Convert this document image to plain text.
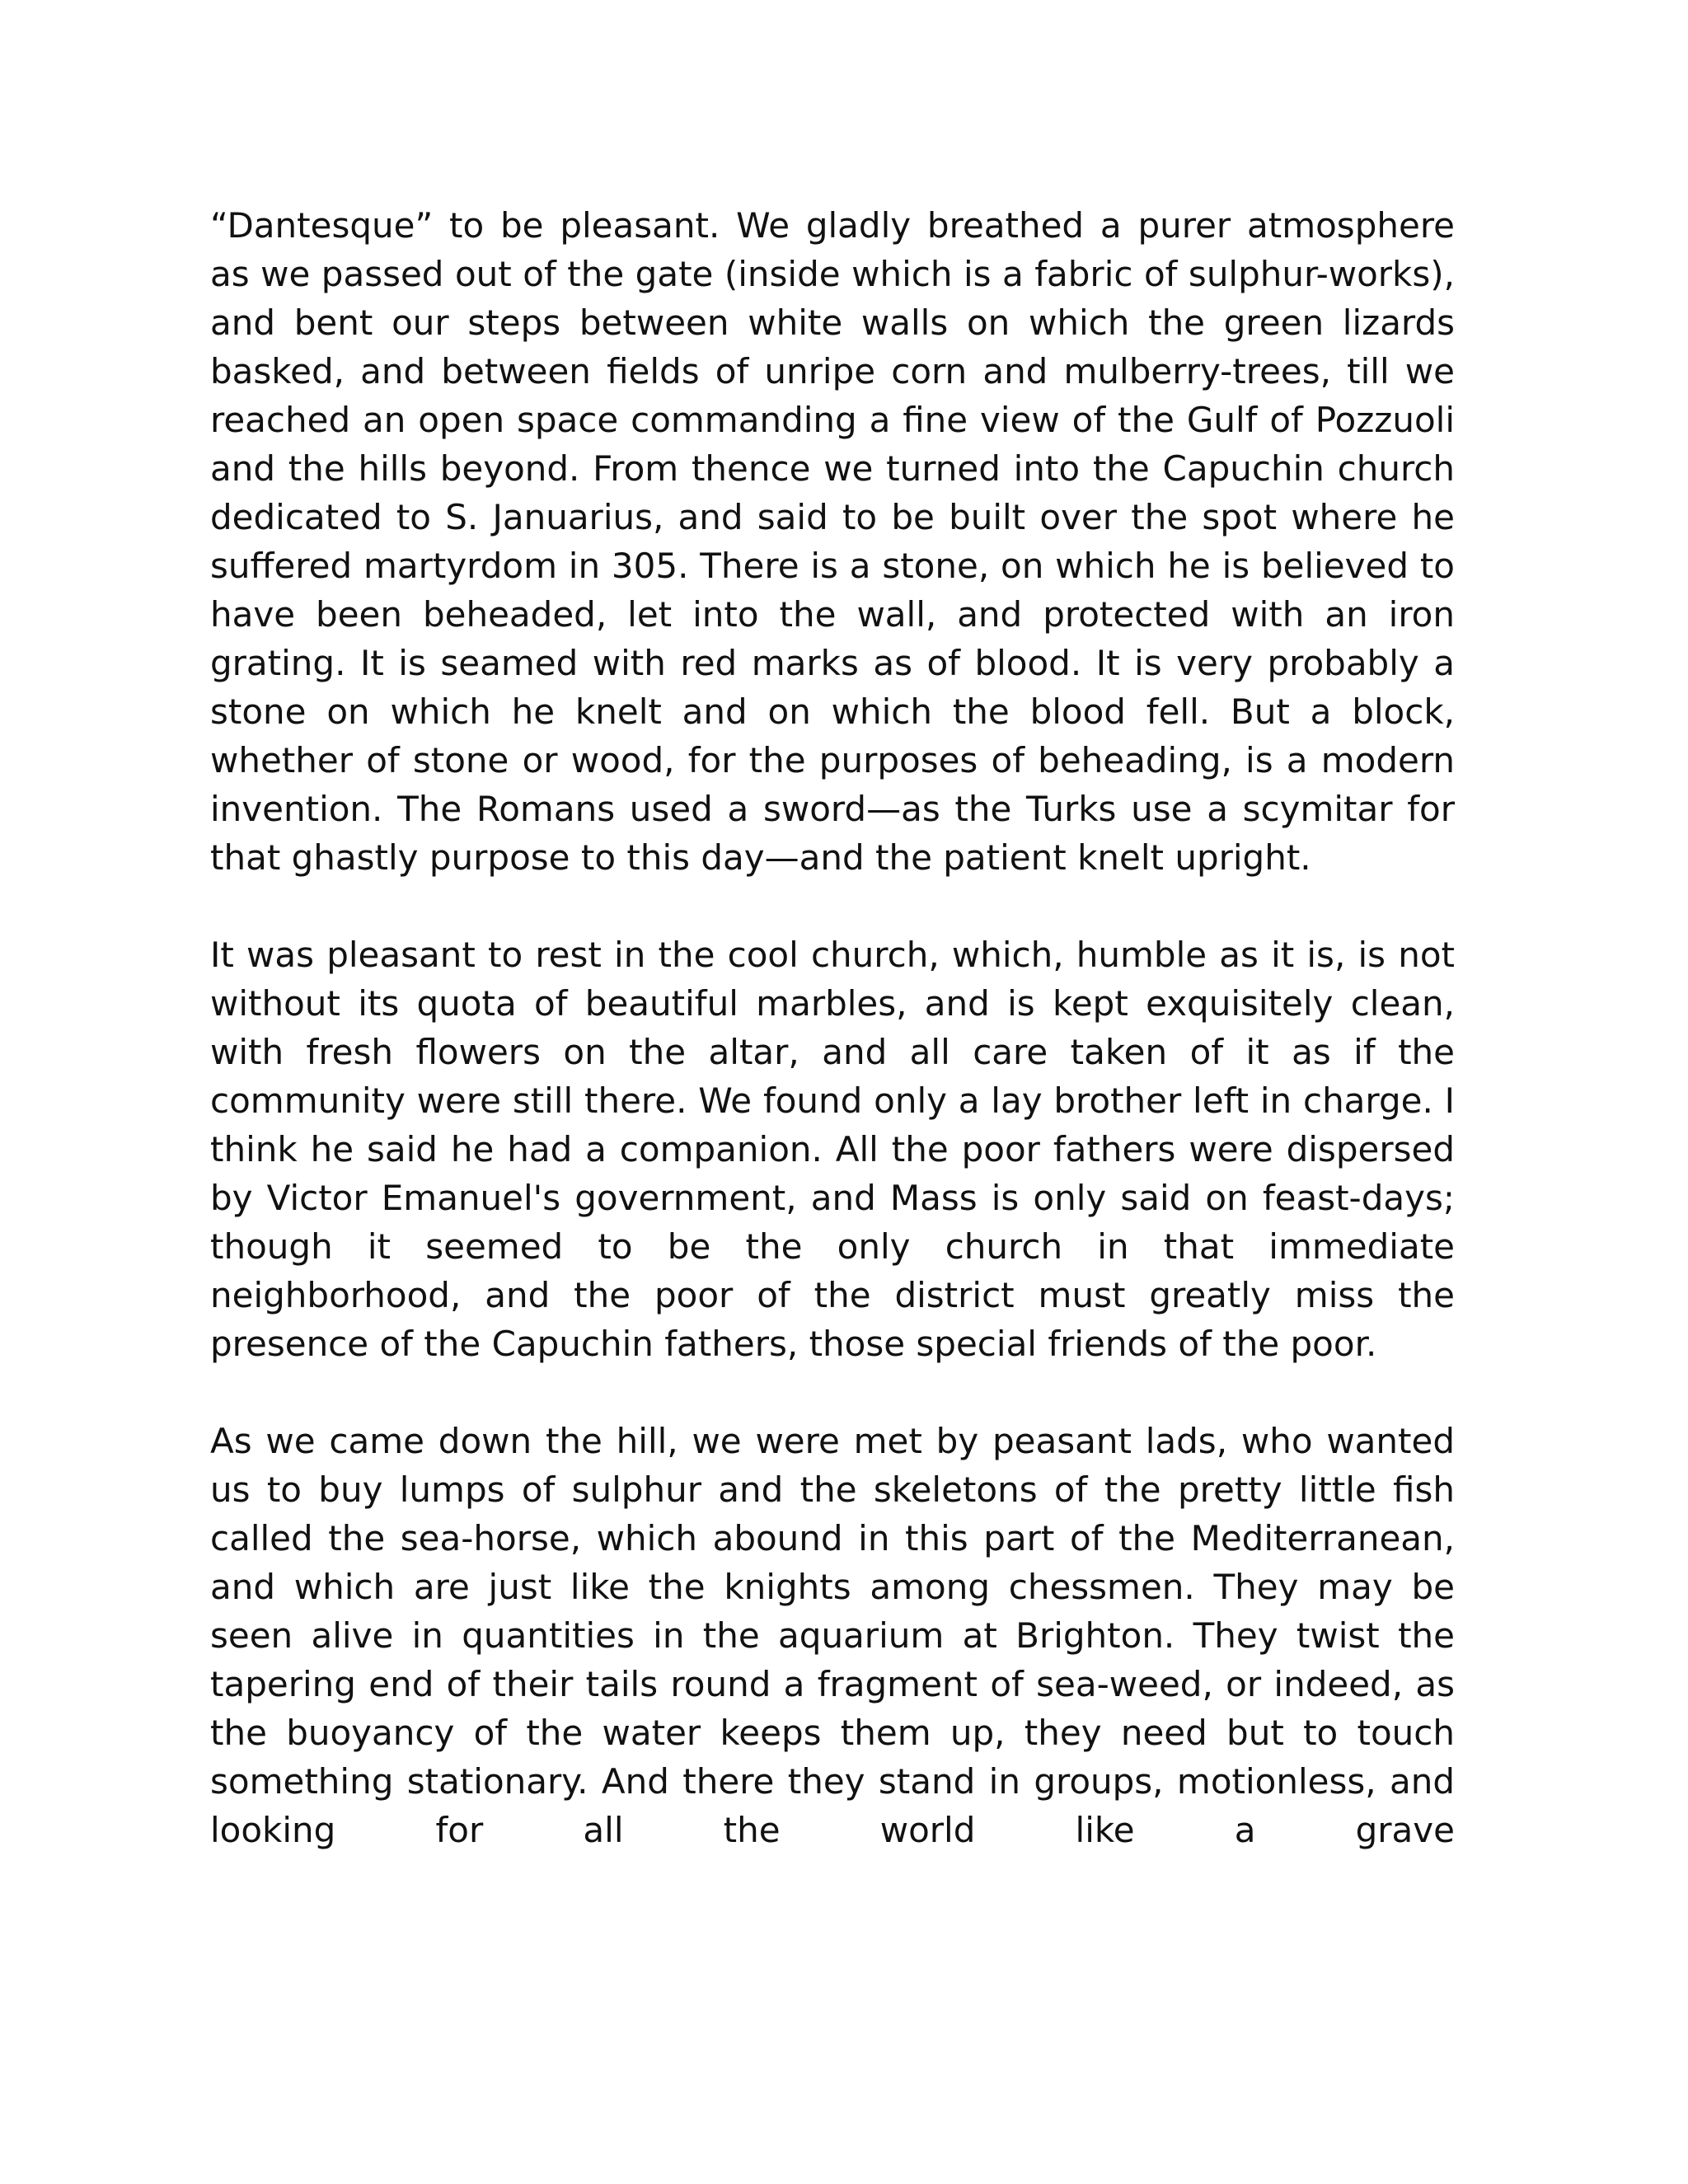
“Dantesque” to be pleasant. We gladly breathed a purer atmosphere as we passed out of the gate (inside which is a fabric of sulphur-works), and bent our steps between white walls on which the green lizards basked, and between fields of unripe corn and mulberry-trees, till we reached an open space commanding a fine view of the Gulf of Pozzuoli and the hills beyond. From thence we turned into the Capuchin church dedicated to S. Januarius, and said to be built over the spot where he suffered martyrdom in 305. There is a stone, on which he is believed to have been beheaded, let into the wall, and protected with an iron grating. It is seamed with red marks as of blood. It is very probably a stone on which he knelt and on which the blood fell. But a block, whether of stone or wood, for the purposes of beheading, is a modern invention. The Romans used a sword—as the Turks use a scymitar for that ghastly purpose to this day—and the patient knelt upright.

It was pleasant to rest in the cool church, which, humble as it is, is not without its quota of beautiful marbles, and is kept exquisitely clean, with fresh flowers on the altar, and all care taken of it as if the community were still there. We found only a lay brother left in charge. I think he said he had a companion. All the poor fathers were dispersed by Victor Emanuel's government, and Mass is only said on feast-days; though it seemed to be the only church in that immediate neighborhood, and the poor of the district must greatly miss the presence of the Capuchin fathers, those special friends of the poor.

As we came down the hill, we were met by peasant lads, who wanted us to buy lumps of sulphur and the skeletons of the pretty little fish called the sea-horse, which abound in this part of the Mediterranean, and which are just like the knights among chessmen. They may be seen alive in quantities in the aquarium at Brighton. They twist the tapering end of their tails round a fragment of sea-weed, or indeed, as the buoyancy of the water keeps them up, they need but to touch something stationary. And there they stand in groups, motionless, and looking for all the world like a grave
